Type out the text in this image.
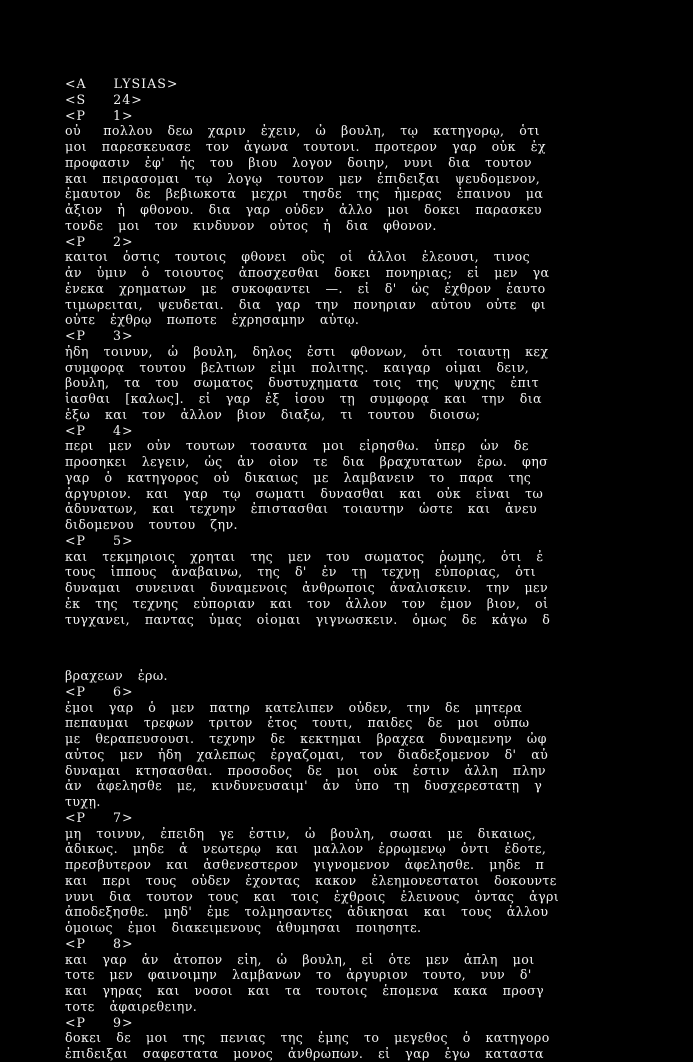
<A   LYSIAS>
<S   24>
<P   1>
οὐ   πολλου  δεω  χαριν  ἐχειν,  ὠ  βουλη,  τῳ  κατηγορῳ,  ὁτι
μοι  παρεσκευασε  τον  ἀγωνα  τουτονι.  προτερον  γαρ  οὐκ  ἐχ
προφασιν  ἐφ'  ἡς  του  βιου  λογον  δοιην,  νυνι  δια  τουτον
και  πειρασομαι  τῳ  λογῳ  τουτον  μεν  ἐπιδειξαι  ψευδομενον,
ἐμαυτον  δε  βεβιωκοτα  μεχρι  τησδε  της  ἡμερας  ἐπαινου  μα
ἀξιον  ἠ  φθονου.  δια  γαρ  οὐδεν  ἀλλο  μοι  δοκει  παρασκευ
τονδε  μοι  τον  κινδυνον  οὑτος  ἠ  δια  φθονον.
<P   2>
καιτοι  ὁστις  τουτοις  φθονει  οὓς  οἱ  ἀλλοι  ἐλεουσι,  τινος
ἀν  ὑμιν  ὁ  τοιουτος  ἀποσχεσθαι  δοκει  πονηριας;  εἰ  μεν  γα
ἑνεκα  χρηματων  με  συκοφαντει  —.  εἰ  δ'  ὡς  ἐχθρον  ἑαυτο
τιμωρειται,  ψευδεται.  δια  γαρ  την  πονηριαν  αὐτου  οὐτε  φι
οὐτε  ἐχθρῳ  πωποτε  ἐχρησαμην  αὐτῳ.
<P   3>
ἠδη  τοινυν,  ὠ  βουλη,  δηλος  ἐστι  φθονων,  ὁτι  τοιαυτῃ  κεχ
συμφορᾳ  τουτου  βελτιων  εἰμι  πολιτης.  καιγαρ  οἰμαι  δειν,
βουλη,  τα  του  σωματος  δυστυχηματα  τοις  της  ψυχης  ἐπιτ
ἰασθαι  [καλως].  εἰ  γαρ  ἐξ  ἰσου  τῃ  συμφορᾳ  και  την  δια
ἑξω  και  τον  ἀλλον  βιον  διαξω,  τι  τουτου  διοισω;
<P   4>
περι  μεν  οὐν  τουτων  τοσαυτα  μοι  εἰρησθω.  ὑπερ  ὡν  δε
προσηκει  λεγειν,  ὡς  ἀν  οἱον  τε  δια  βραχυτατων  ἐρω.  φησ
γαρ  ὁ  κατηγορος  οὐ  δικαιως  με  λαμβανειν  το  παρα  της
ἀργυριον.  και  γαρ  τῳ  σωματι  δυνασθαι  και  οὐκ  εἰναι  τω
ἀδυνατων,  και  τεχνην  ἐπιστασθαι  τοιαυτην  ὡστε  και  ἀνευ
διδομενου  τουτου  ζην.
<P   5>
και  τεκμηριοις  χρηται  της  μεν  του  σωματος  ῥωμης,  ὁτι  ἐ
τους  ἱππους  ἀναβαινω,  της  δ'  ἐν  τῃ  τεχνῃ  εὐποριας,  ὁτι
δυναμαι  συνειναι  δυναμενοις  ἀνθρωποις  ἀναλισκειν.  την  μεν
ἐκ  της  τεχνης  εὐποριαν  και  τον  ἀλλον  τον  ἐμον  βιον,  οἱ
τυγχανει,  παντας  ὑμας  οἰομαι  γιγνωσκειν.  ὁμως  δε  κἀγω  δ
βραχεων  ἐρω.
<P   6>
ἐμοι  γαρ  ὁ  μεν  πατηρ  κατελιπεν  οὐδεν,  την  δε  μητερα
πεπαυμαι  τρεφων  τριτον  ἐτος  τουτι,  παιδες  δε  μοι  οὐπω
με  θεραπευσουσι.  τεχνην  δε  κεκτημαι  βραχεα  δυναμενην  ὠφ
αὐτος  μεν  ἠδη  χαλεπως  ἐργαζομαι,  τον  διαδεξομενον  δ'  αὐ
δυναμαι  κτησασθαι.  προσοδος  δε  μοι  οὐκ  ἐστιν  ἀλλη  πλην
ἀν  ἀφελησθε  με,  κινδυνευσαιμ'  ἀν  ὑπο  τῃ  δυσχερεστατῃ  γ
τυχῃ.
<P   7>
μη  τοινυν,  ἐπειδη  γε  ἐστιν,  ὠ  βουλη,  σωσαι  με  δικαιως,
ἀδικως.  μηδε  ἁ  νεωτερῳ  και  μαλλον  ἐρρωμενῳ  ὀντι  ἐδοτε,
πρεσβυτερον  και  ἀσθενεστερον  γιγνομενον  ἀφελησθε.  μηδε  π
και  περι  τους  οὐδεν  ἐχοντας  κακον  ἐλεημονεστατοι  δοκουντε
νυνι  δια  τουτον  τους  και  τοις  ἐχθροις  ἐλεινους  ὀντας  ἀγρι
ἀποδεξησθε.  μηδ'  ἐμε  τολμησαντες  ἀδικησαι  και  τους  ἀλλου
ὁμοιως  ἐμοι  διακειμενους  ἀθυμησαι  ποιησητε.
<P   8>
και  γαρ  ἀν  ἀτοπον  εἰη,  ὠ  βουλη,  εἰ  ὁτε  μεν  ἁπλη  μοι
τοτε  μεν  φαινοιμην  λαμβανων  το  ἀργυριον  τουτο,  νυν  δ'
και  γηρας  και  νοσοι  και  τα  τουτοις  ἑπομενα  κακα  προσγ
τοτε  ἀφαιρεθειην.
<P   9>
δοκει  δε  μοι  της  πενιας  της  ἐμης  το  μεγεθος  ὁ  κατηγορο
ἐπιδειξαι  σαφεστατα  μονος  ἀνθρωπων.  εἰ  γαρ  ἐγω  καταστα
